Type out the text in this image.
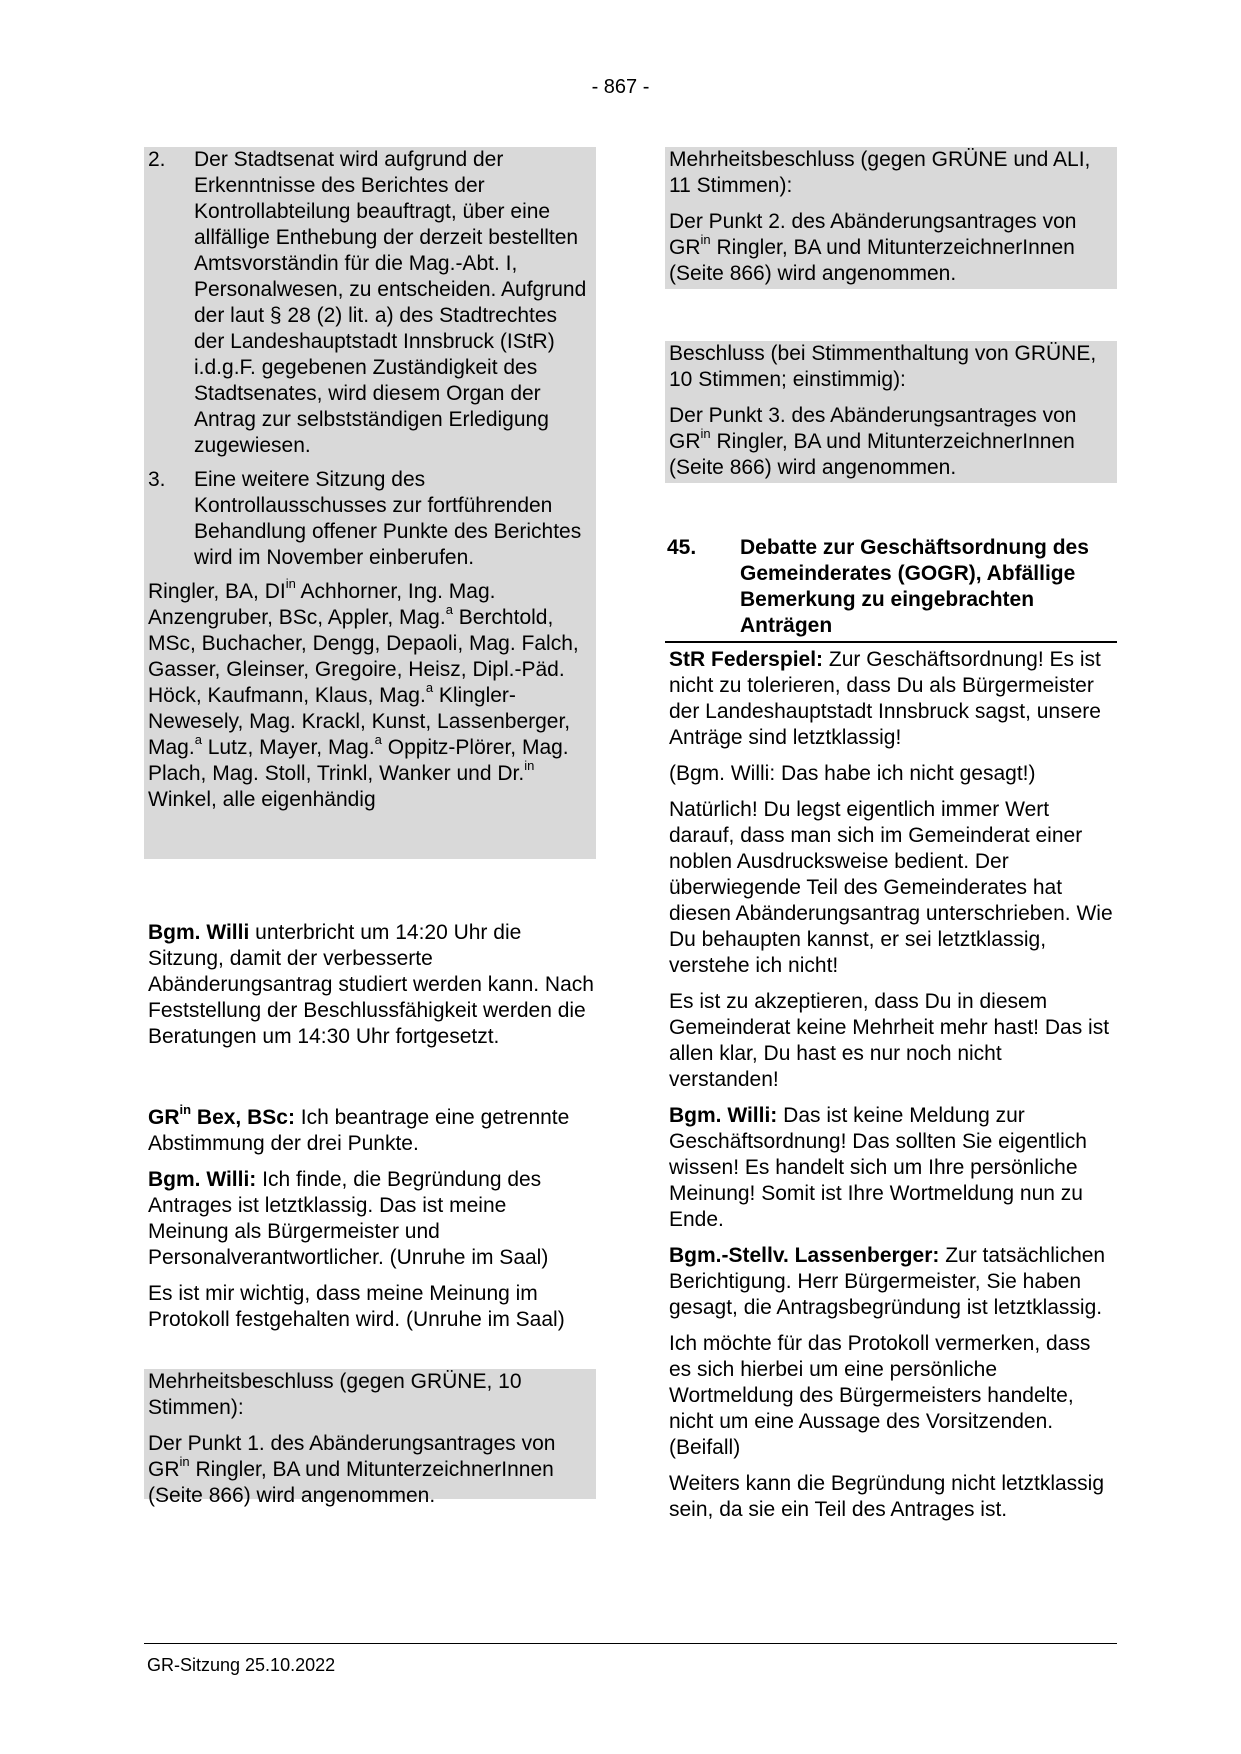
- 867 -
2. Der Stadtsenat wird aufgrund der Erkenntnisse des Berichtes der Kontrollabteilung beauftragt, über eine allfällige Enthebung der derzeit bestellten Amtsvorständin für die Mag.-Abt. I, Personalwesen, zu entscheiden. Aufgrund der laut § 28 (2) lit. a) des Stadtrechtes der Landeshauptstadt Innsbruck (IStR) i.d.g.F. gegebenen Zuständigkeit des Stadtsenates, wird diesem Organ der Antrag zur selbstständigen Erledigung zugewiesen.
3. Eine weitere Sitzung des Kontrollausschusses zur fortführenden Behandlung offener Punkte des Berichtes wird im November einberufen.

Ringler, BA, $DI^{in}$ Achhorner, Ing. Mag. Anzengruber, BSc, Appler, Mag.$^a$ Berchtold, MSc, Buchacher, Dengg, Depaoli, Mag. Falch, Gasser, Gleinser, Gregoire, Heisz, Dipl.-Päd. Höck, Kaufmann, Klaus, Mag.$^a$ Klingler-Newesely, Mag. Krackl, Kunst, Lassenberger, Mag.$^a$ Lutz, Mayer, Mag.$^a$ Oppitz-Plörer, Mag. Plach, Mag. Stoll, Trinkl, Wanker und Dr.$^{in}$ Winkel, alle eigenhändig

Bgm. Willi unterbricht um 14:20 Uhr die Sitzung, damit der verbesserte Abänderungsantrag studiert werden kann. Nach Feststellung der Beschlussfähigkeit werden die Beratungen um 14:30 Uhr fortgesetzt.

$GR^{in}$ Bex, BSc: Ich beantrage eine getrennte Abstimmung der drei Punkte.

Bgm. Willi: Ich finde, die Begründung des Antrages ist letztklassig. Das ist meine Meinung als Bürgermeister und Personalverantwortlicher. (Unruhe im Saal)

Es ist mir wichtig, dass meine Meinung im Protokoll festgehalten wird. (Unruhe im Saal)

Mehrheitsbeschluss (gegen GRÜNE, 10 Stimmen):

Der Punkt 1. des Abänderungsantrages von $GR^{in}$ Ringler, BA und MitunterzeichnerInnen (Seite 866) wird angenommen.

Mehrheitsbeschluss (gegen GRÜNE und ALI, 11 Stimmen):

Der Punkt 2. des Abänderungsantrages von $GR^{in}$ Ringler, BA und MitunterzeichnerInnen (Seite 866) wird angenommen.

Beschluss (bei Stimmenthaltung von GRÜNE, 10 Stimmen; einstimmig):

Der Punkt 3. des Abänderungsantrages von $GR^{in}$ Ringler, BA und MitunterzeichnerInnen (Seite 866) wird angenommen.

45. Debatte zur Geschäftsordnung des Gemeinderates (GOGR), Abfällige Bemerkung zu eingebrachten Anträgen

StR Federspiel: Zur Geschäftsordnung! Es ist nicht zu tolerieren, dass Du als Bürgermeister der Landeshauptstadt Innsbruck sagst, unsere Anträge sind letztklassig!

(Bgm. Willi: Das habe ich nicht gesagt!)

Natürlich! Du legst eigentlich immer Wert darauf, dass man sich im Gemeinderat einer noblen Ausdrucksweise bedient. Der überwiegende Teil des Gemeinderates hat diesen Abänderungsantrag unterschrieben. Wie Du behaupten kannst, er sei letztklassig, verstehe ich nicht!

Es ist zu akzeptieren, dass Du in diesem Gemeinderat keine Mehrheit mehr hast! Das ist allen klar, Du hast es nur noch nicht verstanden!

Bgm. Willi: Das ist keine Meldung zur Geschäftsordnung! Das sollten Sie eigentlich wissen! Es handelt sich um Ihre persönliche Meinung! Somit ist Ihre Wortmeldung nun zu Ende.

Bgm.-Stellv. Lassenberger: Zur tatsächlichen Berichtigung. Herr Bürgermeister, Sie haben gesagt, die Antragsbegründung ist letztklassig.

Ich möchte für das Protokoll vermerken, dass es sich hierbei um eine persönliche Wortmeldung des Bürgermeisters handelte, nicht um eine Aussage des Vorsitzenden. (Beifall)

Weiters kann die Begründung nicht letztklassig sein, da sie ein Teil des Antrages ist.

GR-Sitzung 25.10.2022
